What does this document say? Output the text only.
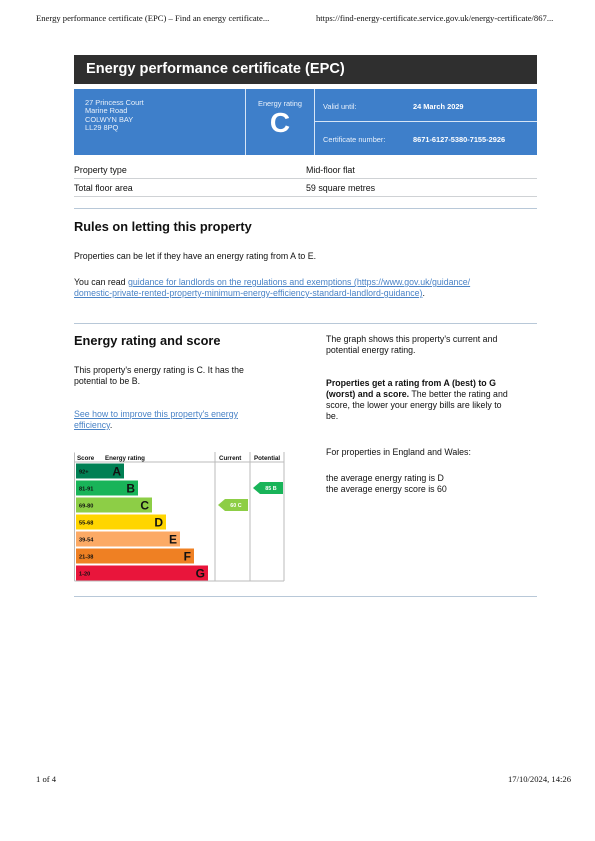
Energy performance certificate (EPC) – Find an energy certificate...	https://find-energy-certificate.service.gov.uk/energy-certificate/867...
Energy performance certificate (EPC)
27 Princess Court
Marine Road
COLWYN BAY
LL29 8PQ
Energy rating
C
Valid until:	24 March 2029
Certificate number:	8671-6127-5380-7155-2926
Property type	Mid-floor flat
Total floor area	59 square metres
Rules on letting this property
Properties can be let if they have an energy rating from A to E.
You can read guidance for landlords on the regulations and exemptions (https://www.gov.uk/guidance/
domestic-private-rented-property-minimum-energy-efficiency-standard-landlord-guidance).
Energy rating and score
This property's energy rating is C. It has the
potential to be B.
See how to improve this property's energy
efficiency.
The graph shows this property's current and
potential energy rating.
Properties get a rating from A (best) to G
(worst) and a score. The better the rating and
score, the lower your energy bills are likely to
be.
For properties in England and Wales:
the average energy rating is D
the average energy score is 60
Score Energy rating	Current Potential
92+ A
81-91	B
69-80	C
55-68	D
39-54	E
21-38	F
1-20	G
60 C
85 B
1 of 4	17/10/2024, 14:26
